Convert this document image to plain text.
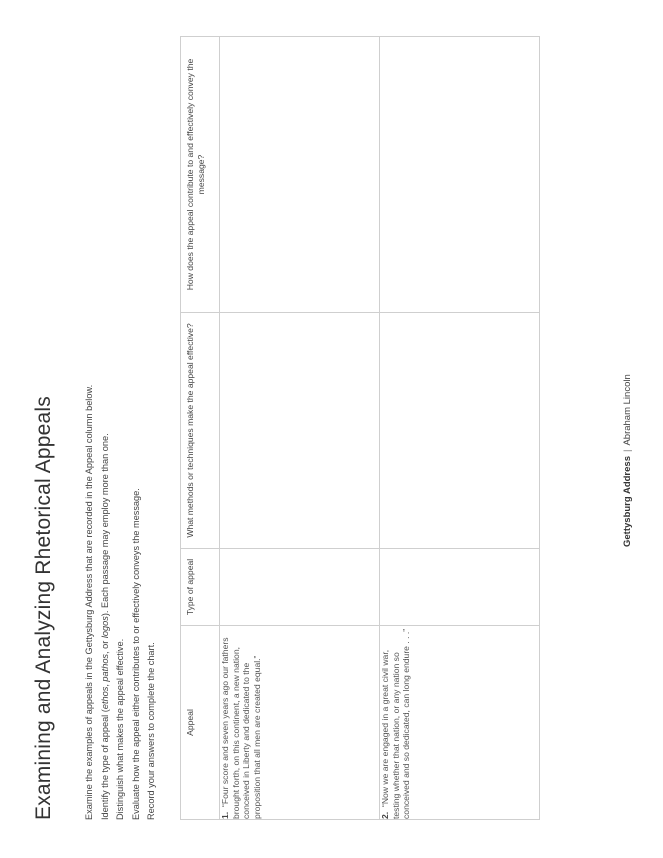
Examining and Analyzing Rhetorical Appeals	Examine the examples of appeals in the Gettysburg Address that are recorded in the Appeal column below. Identify the type of appeal (ethos, pathos, or logos). Each passage may employ more than one.
Distinguish what makes the appeal effective. Evaluate how the appeal either contributes to or effectively conveys the message. Record your answers to complete the chart.	Appeal	Type of appeal	What methods or techniques make the appeal effective?	How does the appeal contribute to and effectively convey the message?

1.  “Four score and seven years ago our fathers brought forth, on this continent, a new nation, conceived in Liberty and dedicated to the proposition that all men are created equal.”			

2.  “Now we are engaged in a great civil war, testing whether that nation, or any nation so conceived and so dedicated, can long endure . . .”			

Gettysburg Address|Abraham Lincoln
